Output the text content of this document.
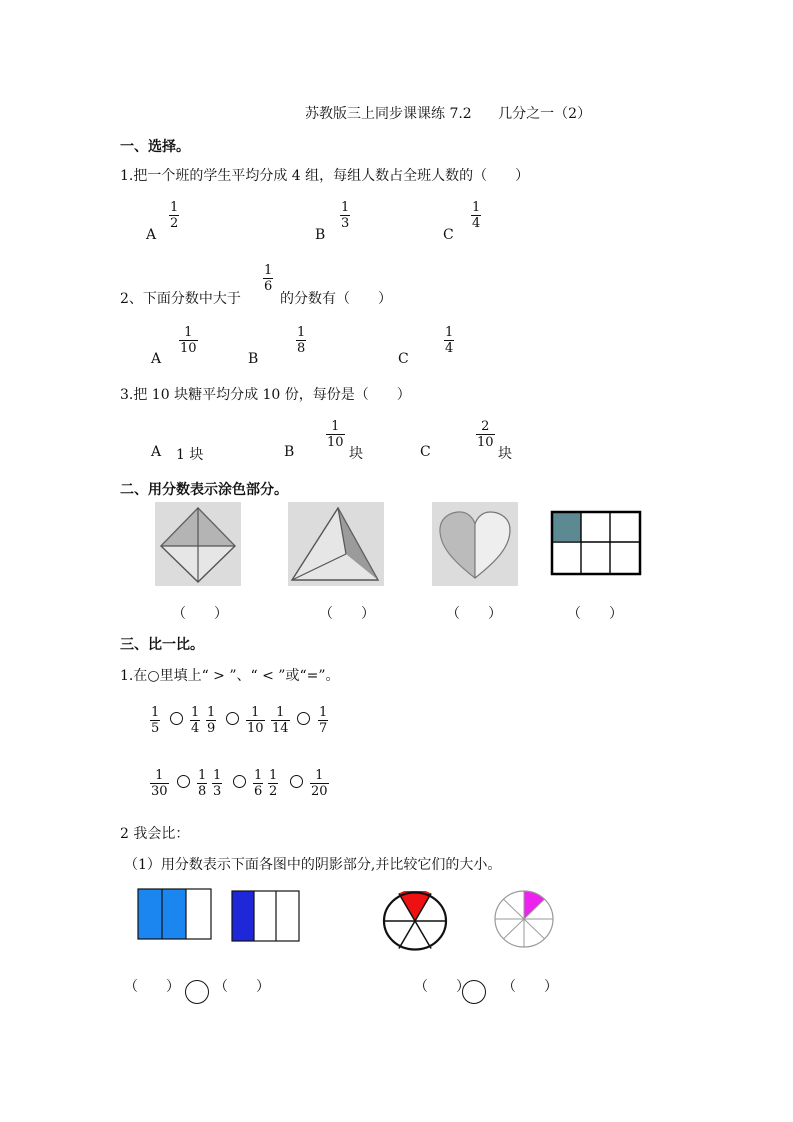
苏教版三上同步课课练 7.2 几分之一（2）
一、选择。
1.把一个班的学生平均分成 4 组，每组人数占全班人数的（　　）
A
$\frac{1}{2}$
B
$\frac{1}{3}$
C
$\frac{1}{4}$
2、下面分数中大于
$\frac{1}{6}$
的分数有（　　）
A
$\frac{1}{10}$
B
$\frac{1}{8}$
C
$\frac{1}{4}$
3.把 10 块糖平均分成 10 份，每份是（　　）
A 1 块	B
$\frac{1}{10}$
块	C
$\frac{2}{10}$
块
二、用分数表示涂色部分。
（　　）	（　　）	（　　）	（　　）
三、比一比。
1.在○里填上“ > ”、“ < ”或“=”。
$\frac{1}{5} \frac{1}{4} \frac{1}{9} \frac{1}{10} \frac{1}{14} \frac{1}{7}$
$\frac{1}{30} \frac{1}{8} \frac{1}{3} \frac{1}{6} \frac{1}{2} \frac{1}{20}$
2 我会比：
（1）用分数表示下面各图中的阴影部分,并比较它们的大小。
（　　） （　　）	（　　） （　　）
